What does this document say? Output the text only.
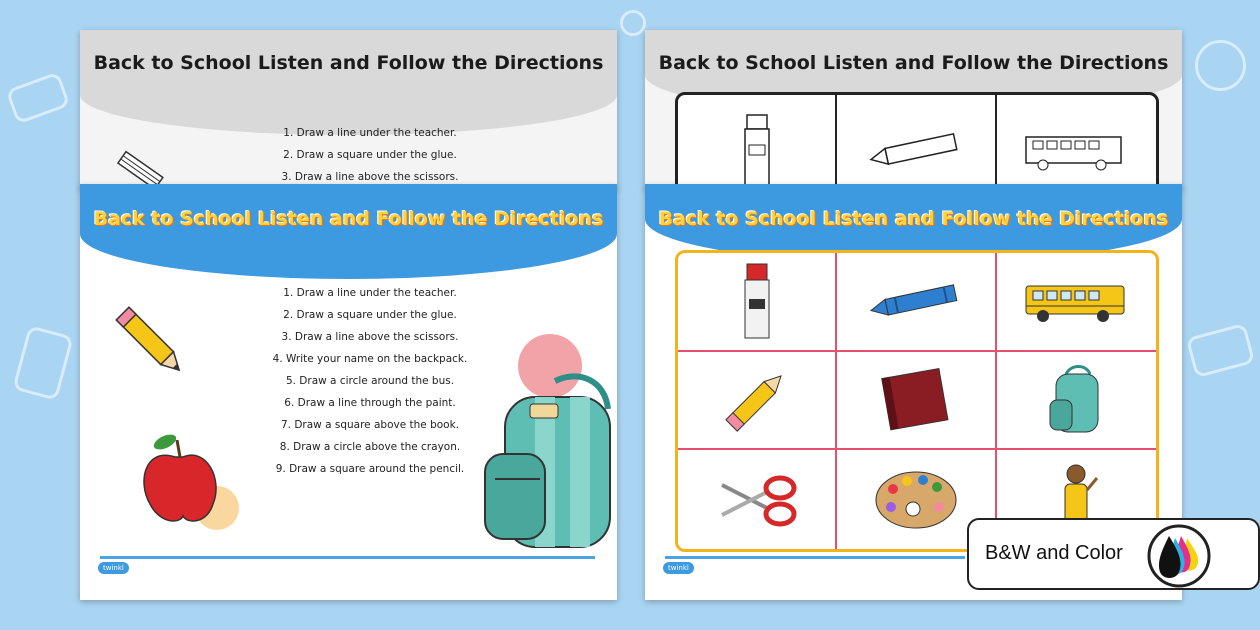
Back to School Listen and Follow the Directions
1. Draw a line under the teacher.
2. Draw a square under the glue.
3. Draw a line above the scissors.
Back to School Listen and Follow the Directions
1. Draw a line under the teacher.
2. Draw a square under the glue.
3. Draw a line above the scissors.
4. Write your name on the backpack.
5. Draw a circle around the bus.
6. Draw a line through the paint.
7. Draw a square above the book.
8. Draw a circle above the crayon.
9. Draw a square around the pencil.
twinkl
Back to School Listen and Follow the Directions
Back to School Listen and Follow the Directions
twinkl
B&W and Color
